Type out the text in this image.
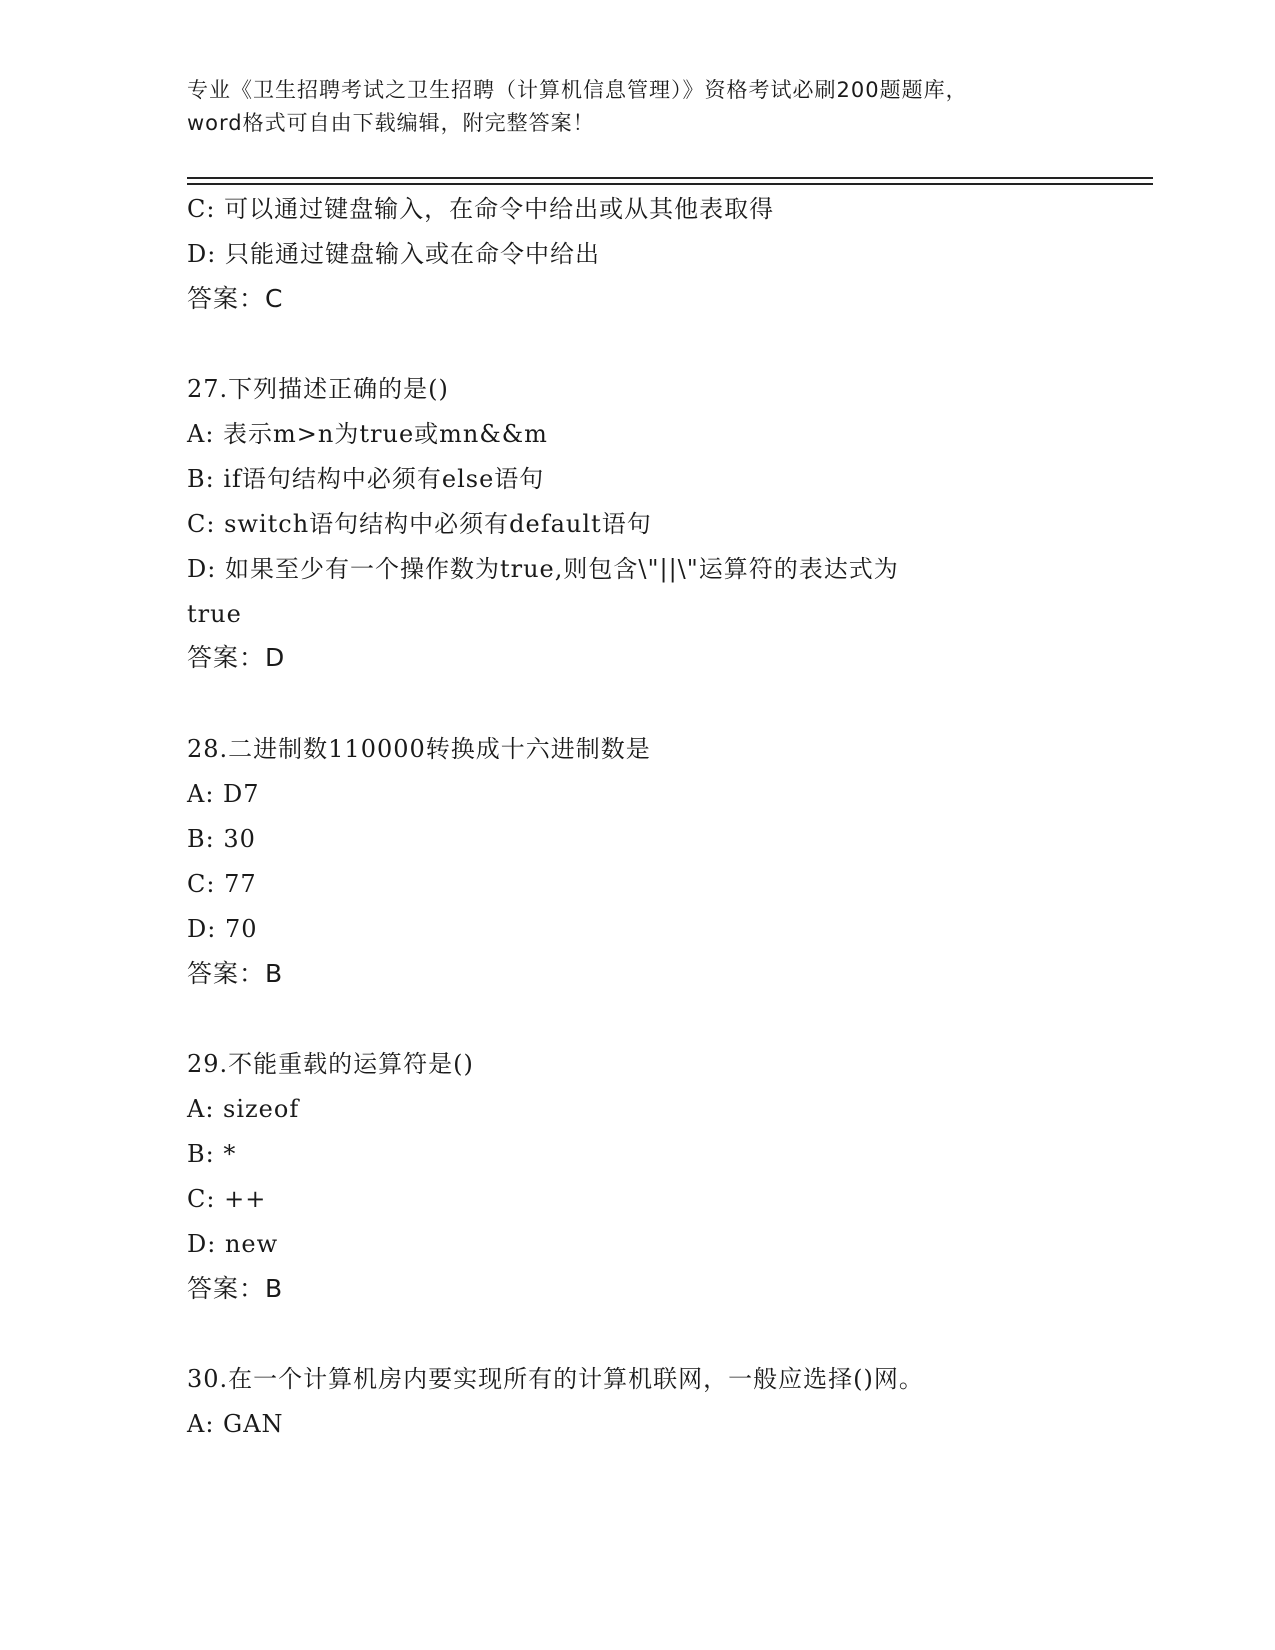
专业《卫生招聘考试之卫生招聘（计算机信息管理）》资格考试必刷200题题库，
word格式可自由下载编辑，附完整答案！
C: 可以通过键盘输入，在命令中给出或从其他表取得
D: 只能通过键盘输入或在命令中给出
答案：C
27.下列描述正确的是()
A: 表示m>n为true或mn&&m
B: if语句结构中必须有else语句
C: switch语句结构中必须有default语句
D: 如果至少有一个操作数为true,则包含\"||\"运算符的表达式为
true
答案：D
28.二进制数110000转换成十六进制数是
A: D7
B: 30
C: 77
D: 70
答案：B
29.不能重载的运算符是()
A: sizeof
B: *
C: ++
D: new
答案：B
30.在一个计算机房内要实现所有的计算机联网，一般应选择()网。
A: GAN
